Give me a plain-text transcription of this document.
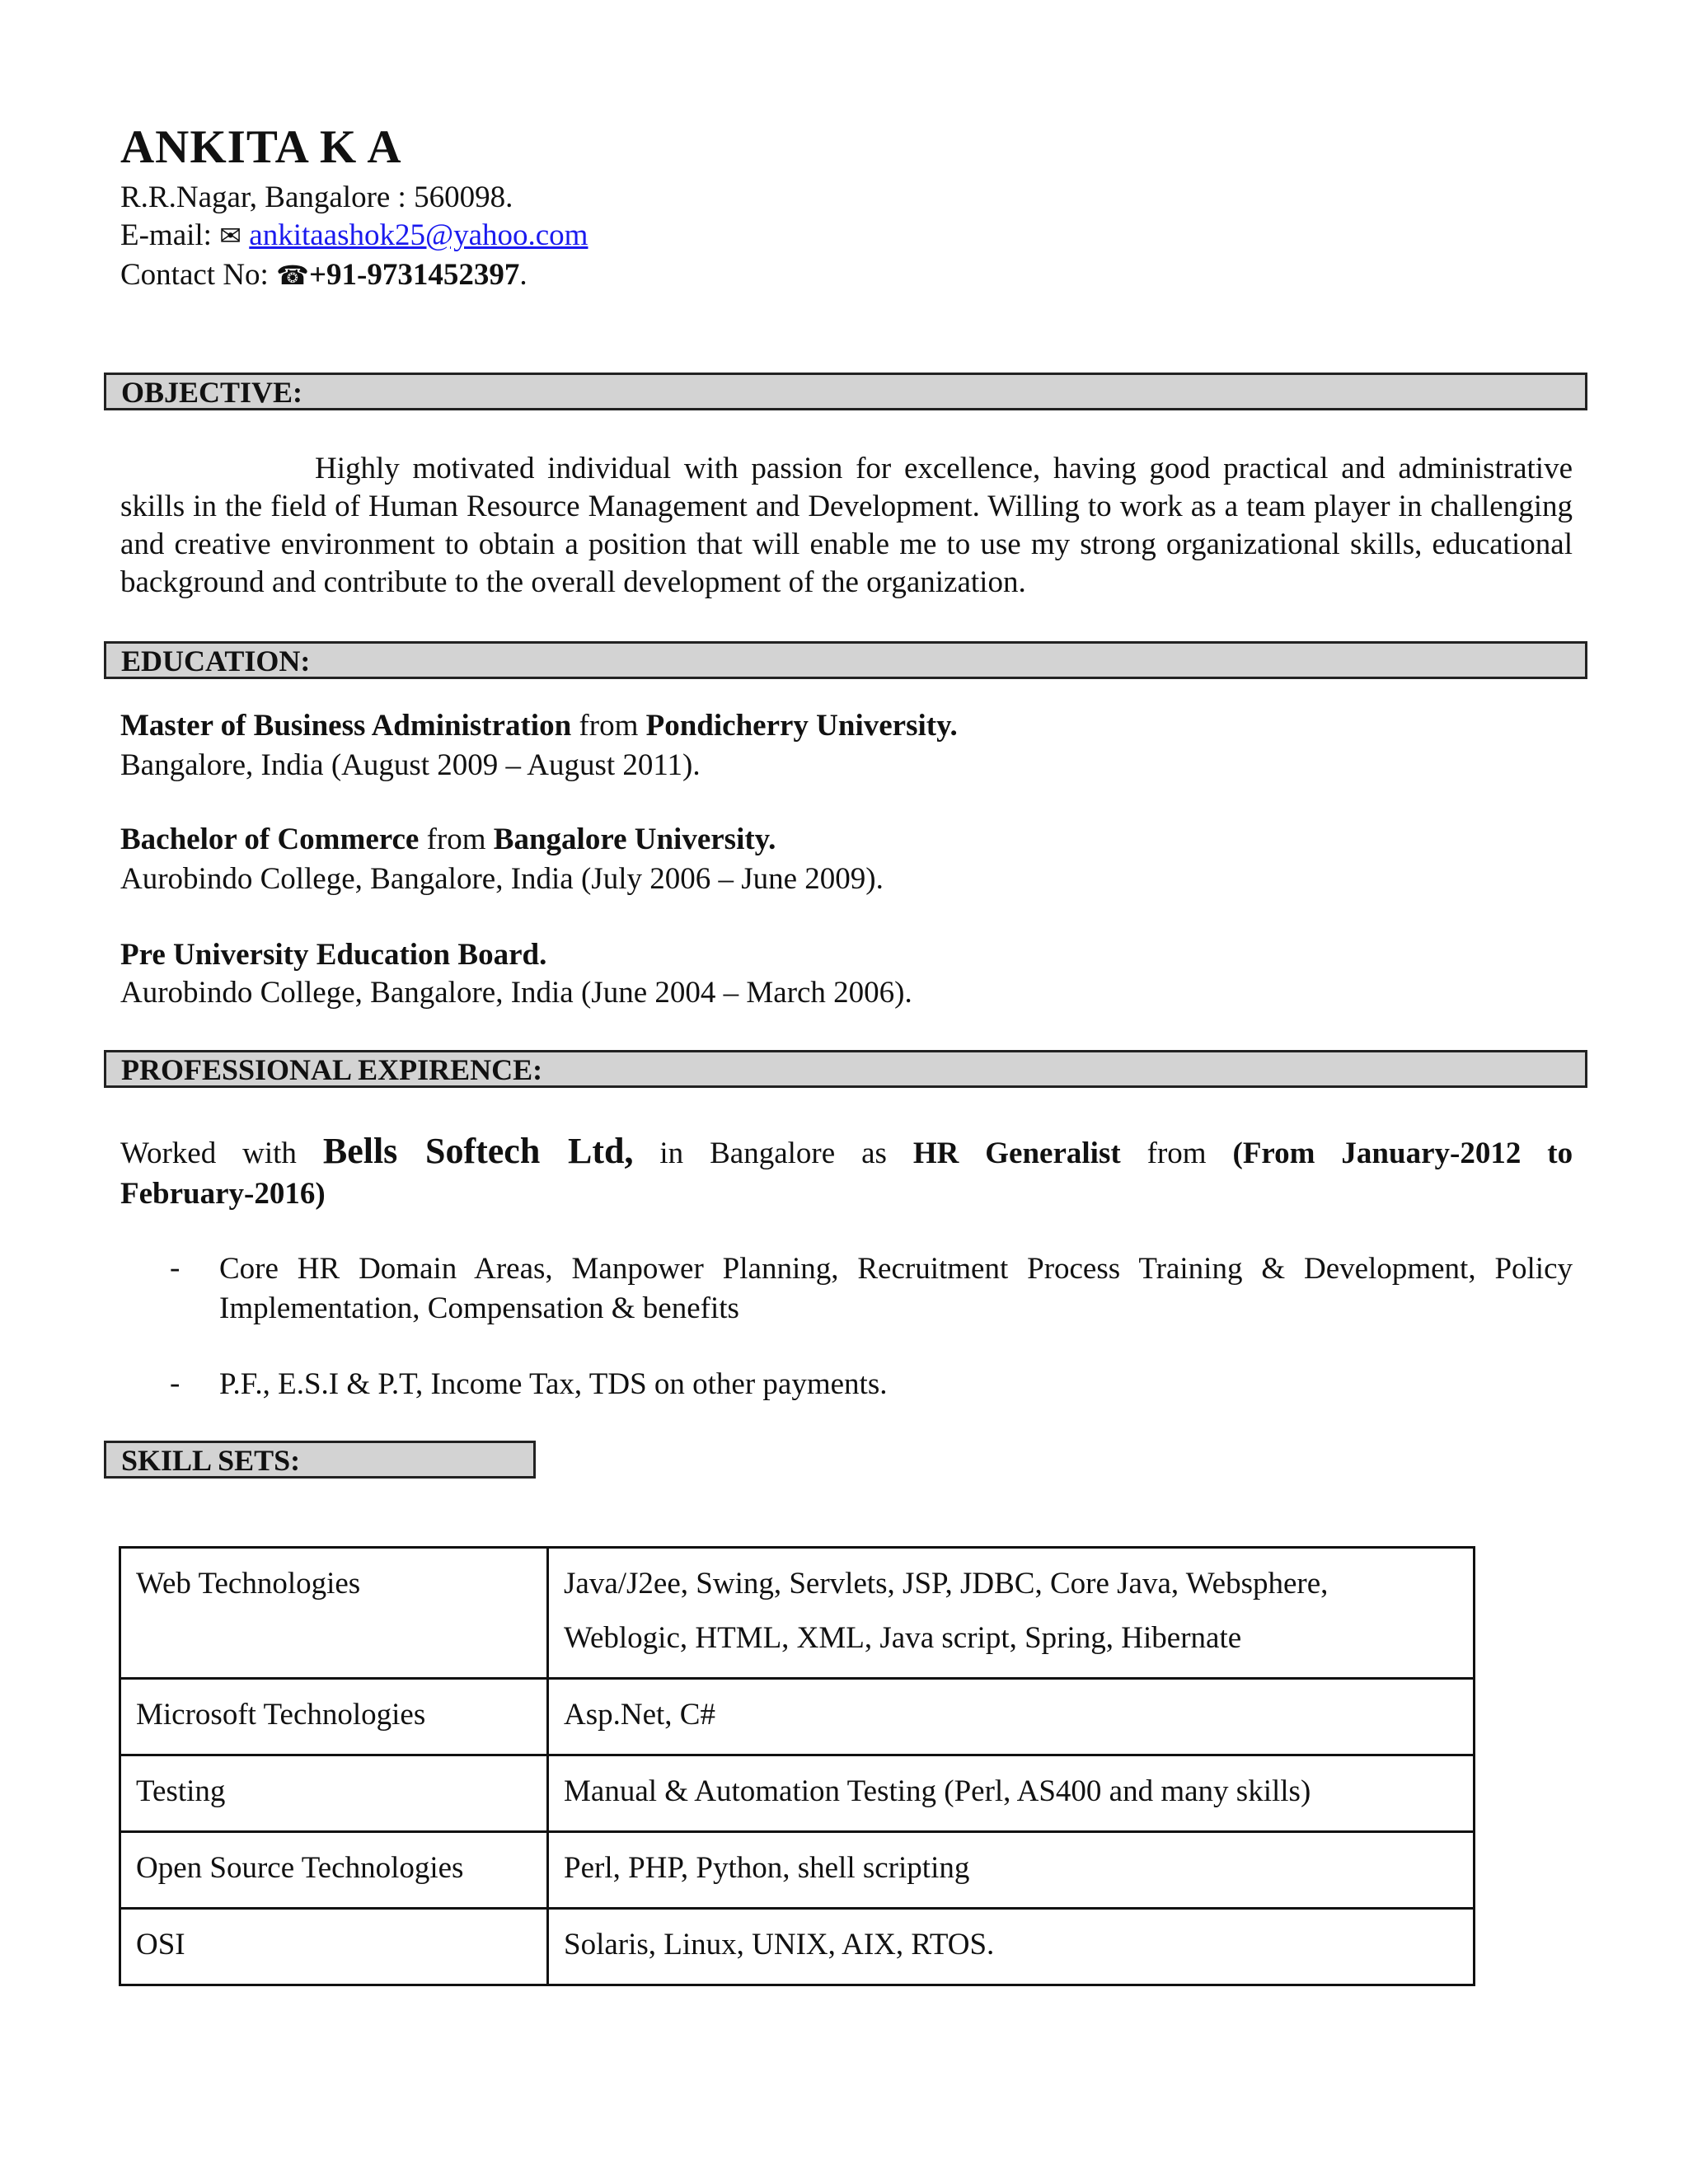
ANKITA K A
R.R.Nagar, Bangalore : 560098.
E-mail: ✉ ankitaashok25@yahoo.com
Contact No: ☎+91-9731452397.
OBJECTIVE:

Highly motivated individual with passion for excellence, having good practical and administrative skills in the field of Human Resource Management and Development. Willing to work as a team player in challenging and creative environment to obtain a position that will enable me to use my strong organizational skills, educational background and contribute to the overall development of the organization.

EDUCATION:
Master of Business Administration from Pondicherry University.
Bangalore, India (August 2009 – August 2011).
Bachelor of Commerce from Bangalore University.
Aurobindo College, Bangalore, India (July 2006 – June 2009).
Pre University Education Board.
Aurobindo College, Bangalore, India (June 2004 – March 2006).
PROFESSIONAL EXPIRENCE:
Worked with Bells Softech Ltd, in Bangalore as HR Generalist from (From January-2012 to
February-2016)
- Core HR Domain Areas, Manpower Planning, Recruitment Process Training & Development, Policy Implementation, Compensation & benefits

- P.F., E.S.I & P.T, Income Tax, TDS on other payments.

SKILL SETS:
Web Technologies	Java/J2ee, Swing, Servlets, JSP, JDBC, Core Java, Websphere, Weblogic, HTML, XML, Java script, Spring, Hibernate
Microsoft Technologies	Asp.Net, C#
Testing	Manual & Automation Testing (Perl, AS400 and many skills)
Open Source Technologies	Perl, PHP, Python, shell scripting
OSI	Solaris, Linux, UNIX, AIX, RTOS.
